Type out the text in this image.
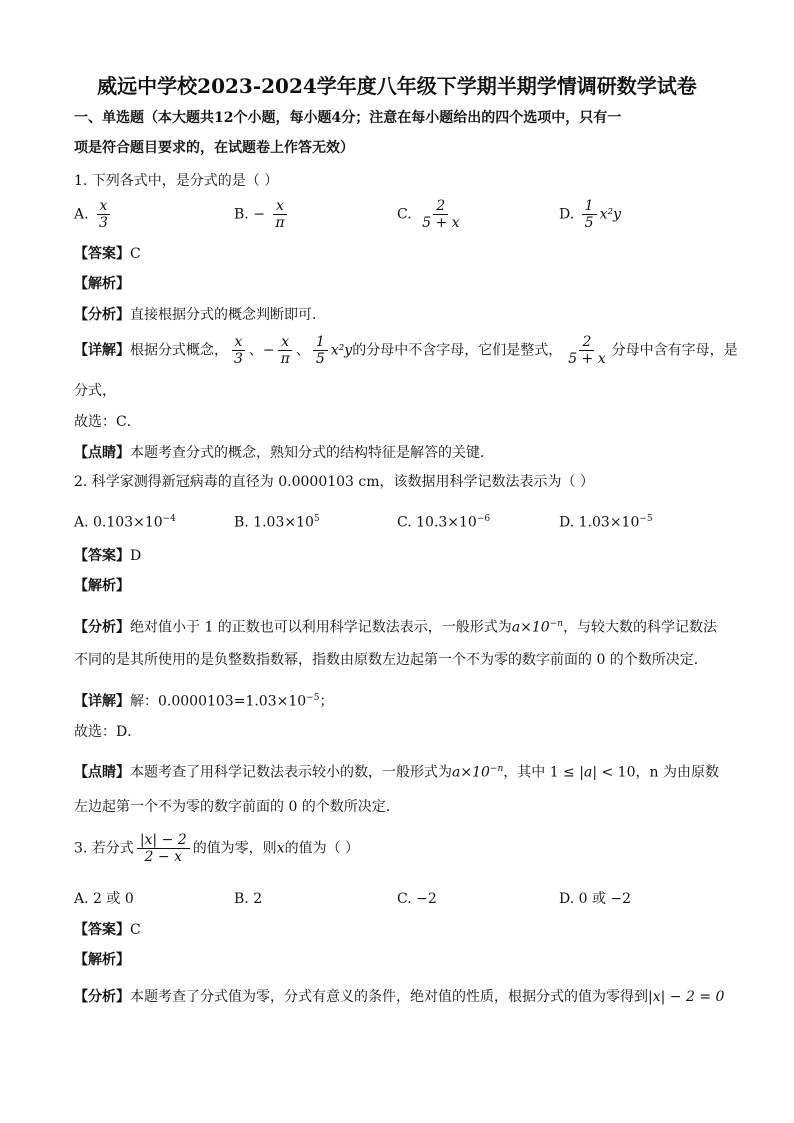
威远中学校2023-2024学年度八年级下学期半期学情调研数学试卷
一、单选题（本大题共12个小题，每小题4分；注意在每小题给出的四个选项中，只有一
项是符合题目要求的，在试题卷上作答无效）
1. 下列各式中，是分式的是（ ）
A. $\frac{x}{3}$	B. − $\frac{x}{\pi}$	C. $\frac{2}{5 + x}$	D. $\frac{1}{5} x^2y$
【答案】C
【解析】
【分析】直接根据分式的概念判断即可．
【详解】根据分式概念， $\frac{x}{3}$ 、− $\frac{x}{\pi}$ 、 $\frac{1}{5} x^2y$的分母中不含字母，它们是整式， $\frac{2}{5 + x}$ 分母中含有字母，是
分式，
故选：C．
【点睛】本题考查分式的概念，熟知分式的结构特征是解答的关键．
2. 科学家测得新冠病毒的直径为 0.0000103 cm，该数据用科学记数法表示为（ ）
A. $0.103\times 10^{-4}$	B. $1.03\times 10^5$	C. $10.3\times 10^{-6}$	D. $1.03\times 10^{-5}$
【答案】D
【解析】
【分析】绝对值小于 1 的正数也可以利用科学记数法表示，一般形式为$a\times 10^{-n}$，与较大数的科学记数法
不同的是其所使用的是负整数指数幂，指数由原数左边起第一个不为零的数字前面的 0 的个数所决定．
【详解】解：$0.0000103=1.03\times 10^{-5}$；
故选：D．
【点睛】本题考查了用科学记数法表示较小的数，一般形式为$a\times 10^{-n}$，其中 1 ≤ |a| < 10，n 为由原数
左边起第一个不为零的数字前面的 0 的个数所决定．
3. 若分式 $\frac{|x| - 2}{2 - x}$ 的值为零，则x的值为（ ）
A. 2 或 0	B. 2	C. −2	D. 0 或 −2
【答案】C
【解析】
【分析】本题考查了分式值为零，分式有意义的条件，绝对值的性质，根据分式的值为零得到|x| − 2 = 0
